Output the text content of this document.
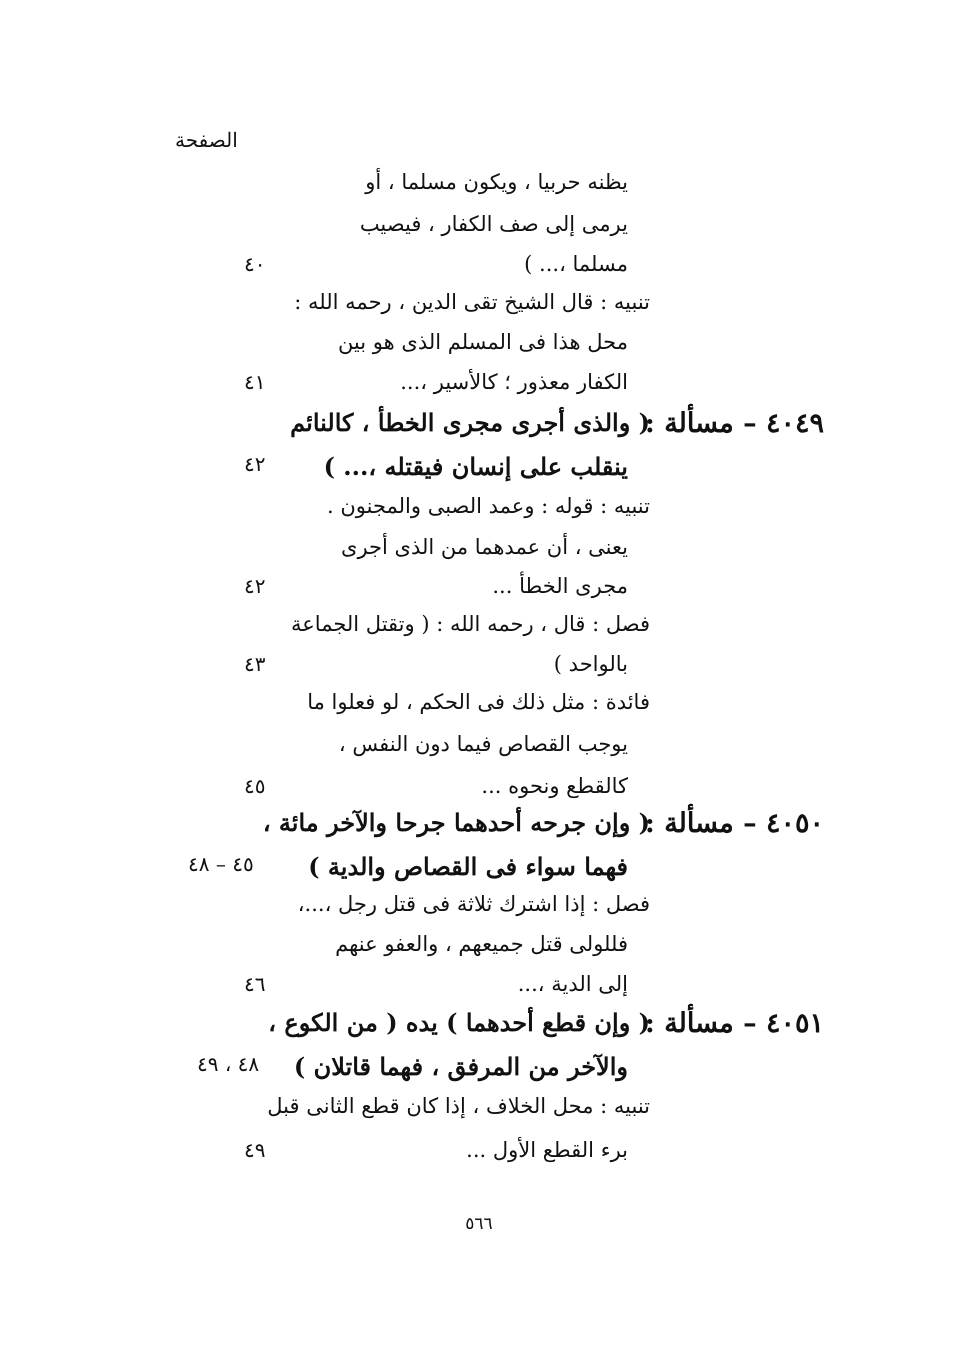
الصفحة
يظنه حربيا ، ويكون مسلما ، أو
يرمى إلى صف الكفار ، فيصيب
مسلما ،... )
٤٠
تنبيه : قال الشيخ تقى الدين ، رحمه الله :
محل هذا فى المسلم الذى هو بين
الكفار معذور ؛ كالأسير ،...
٤١
٤٠٤٩ – مسألة :
( والذى أجرى مجرى الخطأ ، كالنائم
ينقلب على إنسان فيقتله ،... )
٤٢
تنبيه : قوله : وعمد الصبى والمجنون .
يعنى ، أن عمدهما من الذى أجرى
مجرى الخطأ ...
٤٢
فصل : قال ، رحمه الله : ( وتقتل الجماعة
بالواحد )
٤٣
فائدة : مثل ذلك فى الحكم ، لو فعلوا ما
يوجب القصاص فيما دون النفس ،
كالقطع ونحوه ...
٤٥
٤٠٥٠ – مسألة :
( وإن جرحه أحدهما جرحا والآخر مائة ،
فهما سواء فى القصاص والدية )
٤٥ – ٤٨
فصل : إذا اشترك ثلاثة فى قتل رجل ،...،
فللولى قتل جميعهم ، والعفو عنهم
إلى الدية ،...
٤٦
٤٠٥١ – مسألة :
( وإن قطع أحدهما ) يده ( من الكوع ،
والآخر من المرفق ، فهما قاتلان )
٤٨ ، ٤٩
تنبيه : محل الخلاف ، إذا كان قطع الثانى قبل
برء القطع الأول ...
٤٩
٥٦٦
